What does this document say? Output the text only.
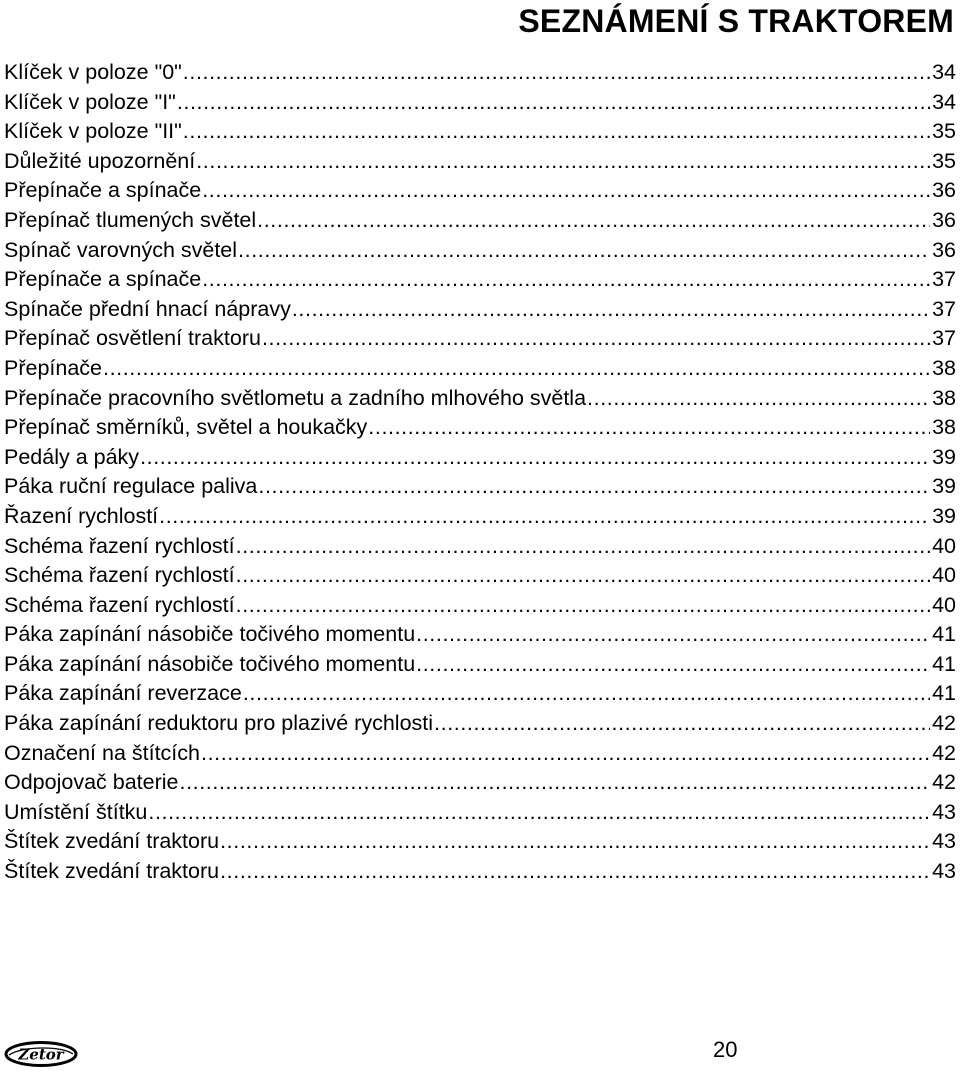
SEZNÁMENÍ S TRAKTOREM
Klíček v poloze "0" .....	34
Klíček v poloze "I" .....	34
Klíček v poloze "II" .....	35
Důležité upozornění .....	35
Přepínače a spínače .....	36
Přepínač tlumených světel .....	36
Spínač varovných světel .....	36
Přepínače a spínače .....	37
Spínače přední hnací nápravy .....	37
Přepínač osvětlení traktoru .....	37
Přepínače .....	38
Přepínače pracovního světlometu a zadního mlhového světla .....	38
Přepínač směrníků, světel a houkačky .....	38
Pedály a páky .....	39
Páka ruční regulace paliva .....	39
Řazení rychlostí .....	39
Schéma řazení rychlostí .....	40
Schéma řazení rychlostí .....	40
Schéma řazení rychlostí .....	40
Páka zapínání násobiče točivého momentu .....	41
Páka zapínání násobiče točivého momentu .....	41
Páka zapínání reverzace .....	41
Páka zapínání reduktoru pro plazivé rychlosti .....	42
Označení na štítcích .....	42
Odpojovač baterie .....	42
Umístění štítku .....	43
Štítek zvedání traktoru .....	43
Štítek zvedání traktoru .....	43
Zetor	20
